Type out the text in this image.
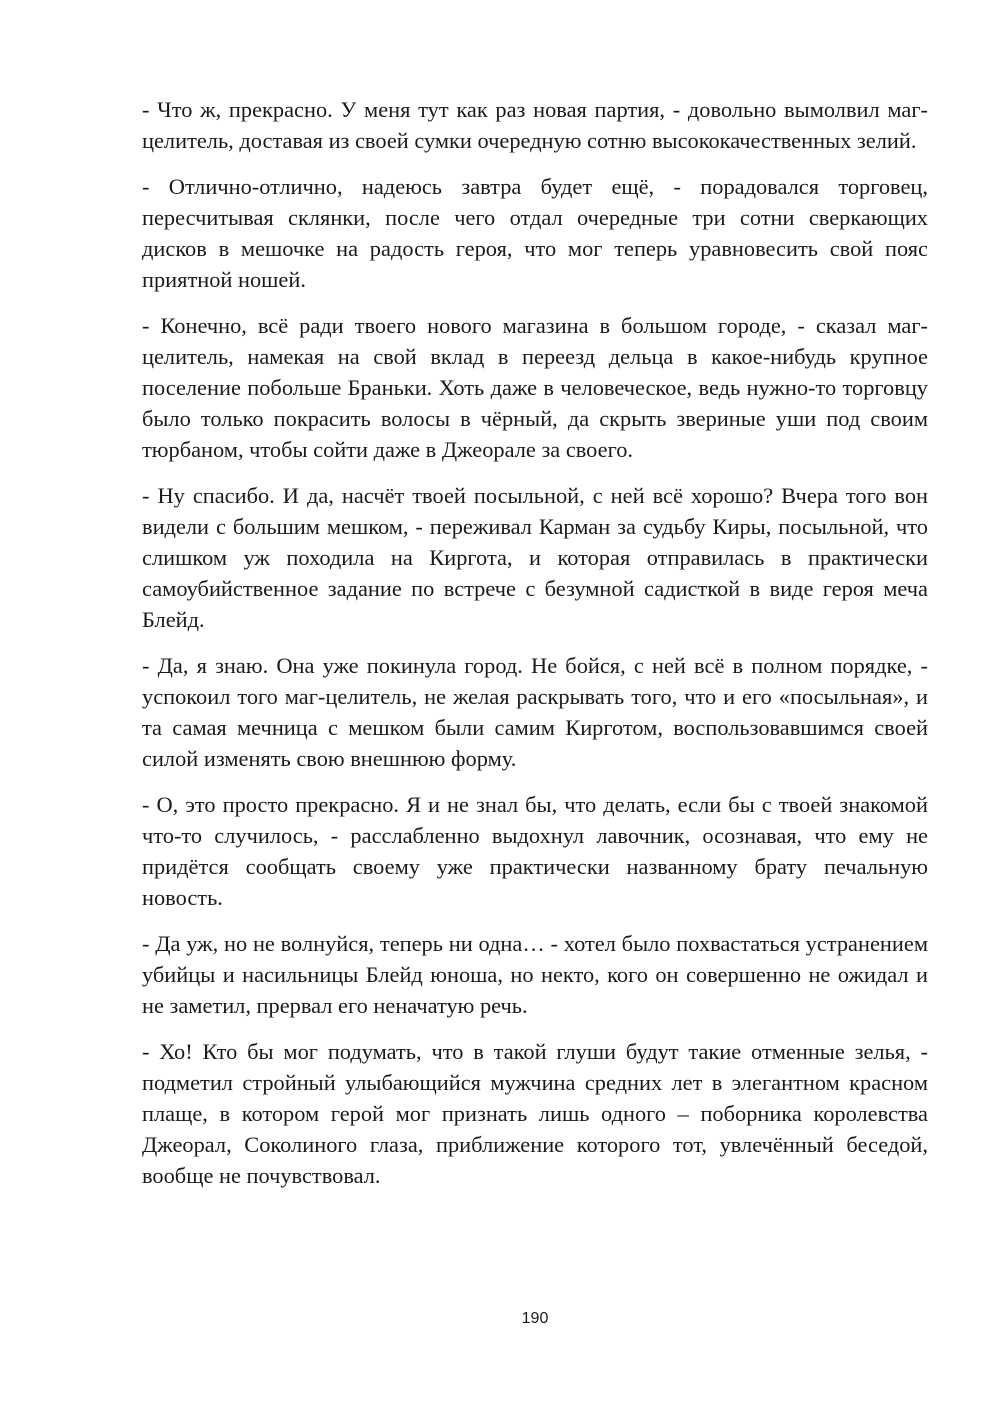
- Что ж, прекрасно. У меня тут как раз новая партия, - довольно вымолвил маг-целитель, доставая из своей сумки очередную сотню высококачественных зелий.

- Отлично-отлично, надеюсь завтра будет ещё, - порадовался торговец, пересчитывая склянки, после чего отдал очередные три сотни сверкающих дисков в мешочке на радость героя, что мог теперь уравновесить свой пояс приятной ношей.

- Конечно, всё ради твоего нового магазина в большом городе, - сказал маг-целитель, намекая на свой вклад в переезд дельца в какое-нибудь крупное поселение побольше Браньки. Хоть даже в человеческое, ведь нужно-то торговцу было только покрасить волосы в чёрный, да скрыть звериные уши под своим тюрбаном, чтобы сойти даже в Джеорале за своего.

- Ну спасибо. И да, насчёт твоей посыльной, с ней всё хорошо? Вчера того вон видели с большим мешком, - переживал Карман за судьбу Киры, посыльной, что слишком уж походила на Киргота, и которая отправилась в практически самоубийственное задание по встрече с безумной садисткой в виде героя меча Блейд.

- Да, я знаю. Она уже покинула город. Не бойся, с ней всё в полном порядке, - успокоил того маг-целитель, не желая раскрывать того, что и его «посыльная», и та самая мечница с мешком были самим Кирготом, воспользовавшимся своей силой изменять свою внешнюю форму.

- О, это просто прекрасно. Я и не знал бы, что делать, если бы с твоей знакомой что-то случилось, - расслабленно выдохнул лавочник, осознавая, что ему не придётся сообщать своему уже практически названному брату печальную новость.

- Да уж, но не волнуйся, теперь ни одна… - хотел было похвастаться устранением убийцы и насильницы Блейд юноша, но некто, кого он совершенно не ожидал и не заметил, прервал его неначатую речь.

- Хо! Кто бы мог подумать, что в такой глуши будут такие отменные зелья, - подметил стройный улыбающийся мужчина средних лет в элегантном красном плаще, в котором герой мог признать лишь одного – поборника королевства Джеорал, Соколиного глаза, приближение которого тот, увлечённый беседой, вообще не почувствовал.

190
